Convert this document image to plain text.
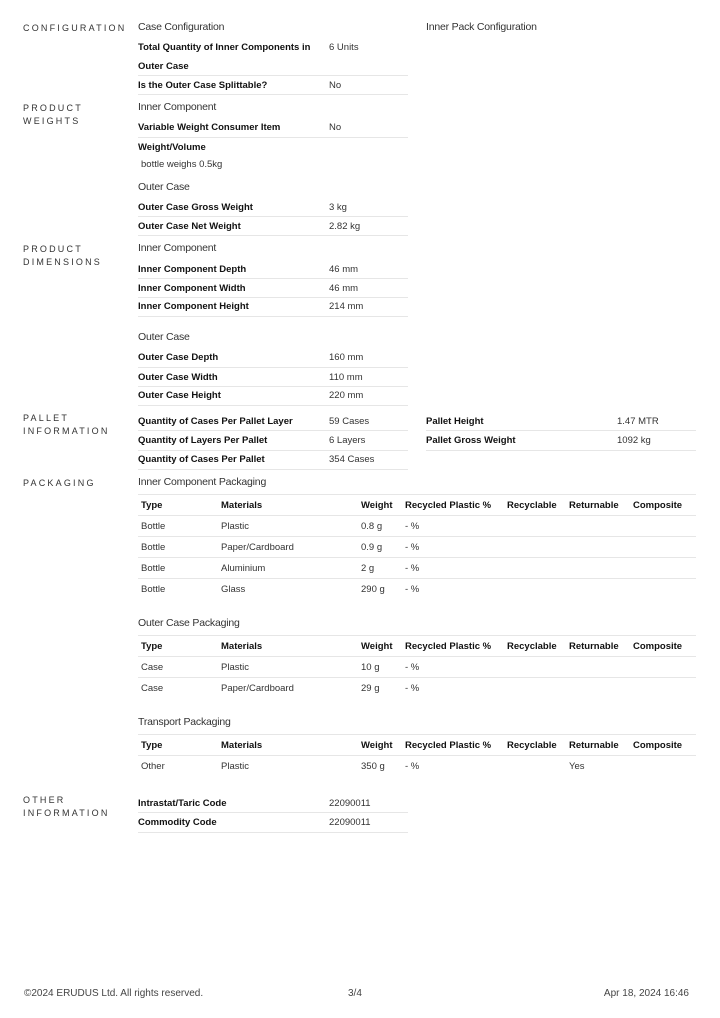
CONFIGURATION Case Configuration	Inner Pack Configuration
Total Quantity of Inner Components in 6 Units
Outer Case
Is the Outer Case Splittable?	No
PRODUCT
WEIGHTS
Inner Component
Variable Weight Consumer Item	No
Weight/Volume
bottle weighs 0.5kg
Outer Case
Outer Case Gross Weight	3 kg
Outer Case Net Weight	2.82 kg
PRODUCT
DIMENSIONS
Inner Component
Inner Component Depth	46 mm
Inner Component Width	46 mm
Inner Component Height	214 mm
Outer Case
Outer Case Depth	160 mm
Outer Case Width	110 mm
Outer Case Height	220 mm
PALLET
INFORMATION
Quantity of Cases Per Pallet Layer	59 Cases
Quantity of Layers Per Pallet	6 Layers
Quantity of Cases Per Pallet	354 Cases
Pallet Height	1.47 MTR
Pallet Gross Weight	1092 kg
PACKAGING	Inner Component Packaging
Type	Materials	Weight	Recycled Plastic %	Recyclable	Returnable	Composite
Bottle	Plastic	0.8 g	- %			
Bottle	Paper/Cardboard	0.9 g	- %			
Bottle	Aluminium	2 g	- %			
Bottle	Glass	290 g	- %			
Outer Case Packaging
Type	Materials	Weight	Recycled Plastic %	Recyclable	Returnable	Composite
Case	Plastic	10 g	- %			
Case	Paper/Cardboard	29 g	- %			
Transport Packaging
Type	Materials	Weight	Recycled Plastic %	Recyclable	Returnable	Composite
Other	Plastic	350 g	- %		Yes	
OTHER
INFORMATION
Intrastat/Taric Code	22090011
Commodity Code	22090011
©2024 ERUDUS Ltd. All rights reserved.	3/4	Apr 18, 2024 16:46
